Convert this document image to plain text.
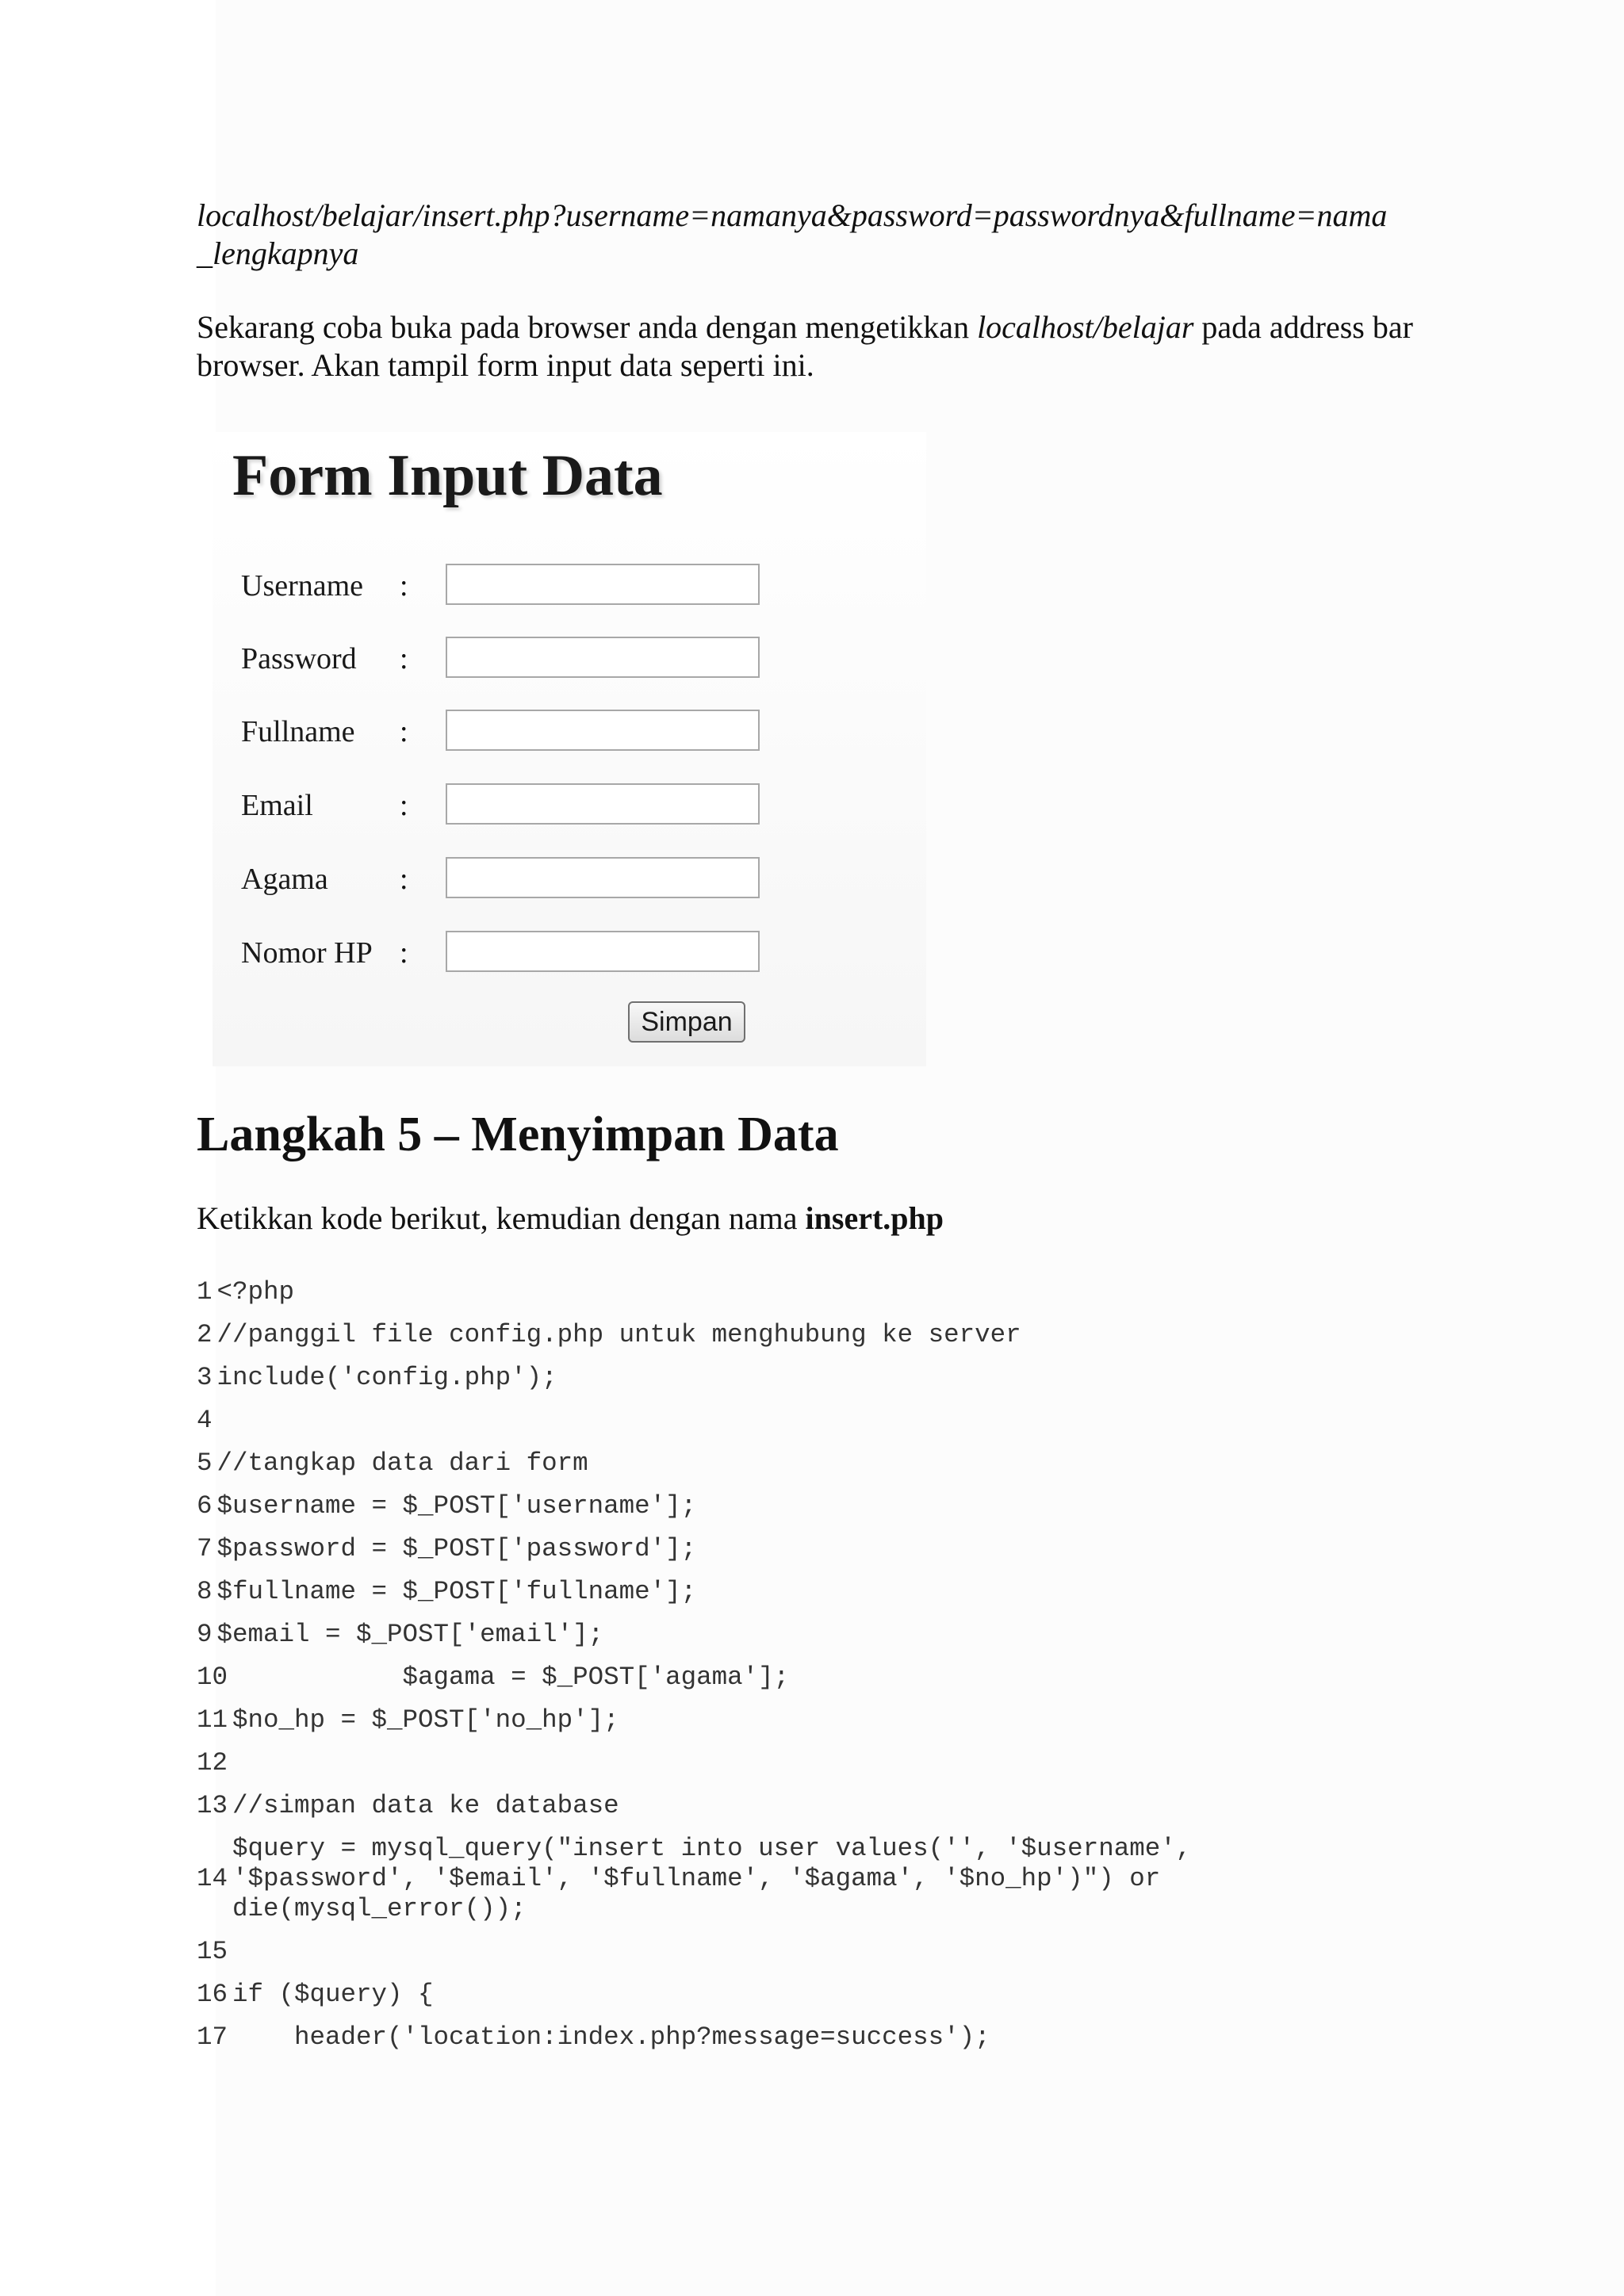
localhost/belajar/insert.php?username=namanya&password=passwordnya&fullname=nama

_lengkapnya

Sekarang coba buka pada browser anda dengan mengetikkan localhost/belajar pada address bar browser. Akan tampil form input data seperti ini.

Form Input Data
Username :
Password :
Fullname :
Email	:
Agama :
Nomor HP :
Simpan
Langkah 5 – Menyimpan Data

Ketikkan kode berikut, kemudian dengan nama insert.php

1 <?php
2 //panggil file config.php untuk menghubung ke server
3 include('config.php');
4
5 //tangkap data dari form
6 $username = $_POST['username'];
7 $password = $_POST['password'];
8 $fullname = $_POST['fullname'];
9 $email = $_POST['email'];
10 $agama = $_POST['agama'];
11 $no_hp = $_POST['no_hp'];
12
13 //simpan data ke database
14
$query = mysql_query("insert into user values('', '$username',
'$password', '$email', '$fullname', '$agama', '$no_hp')") or
die(mysql_error());
15
16 if ($query) {
17 header('location:index.php?message=success');
